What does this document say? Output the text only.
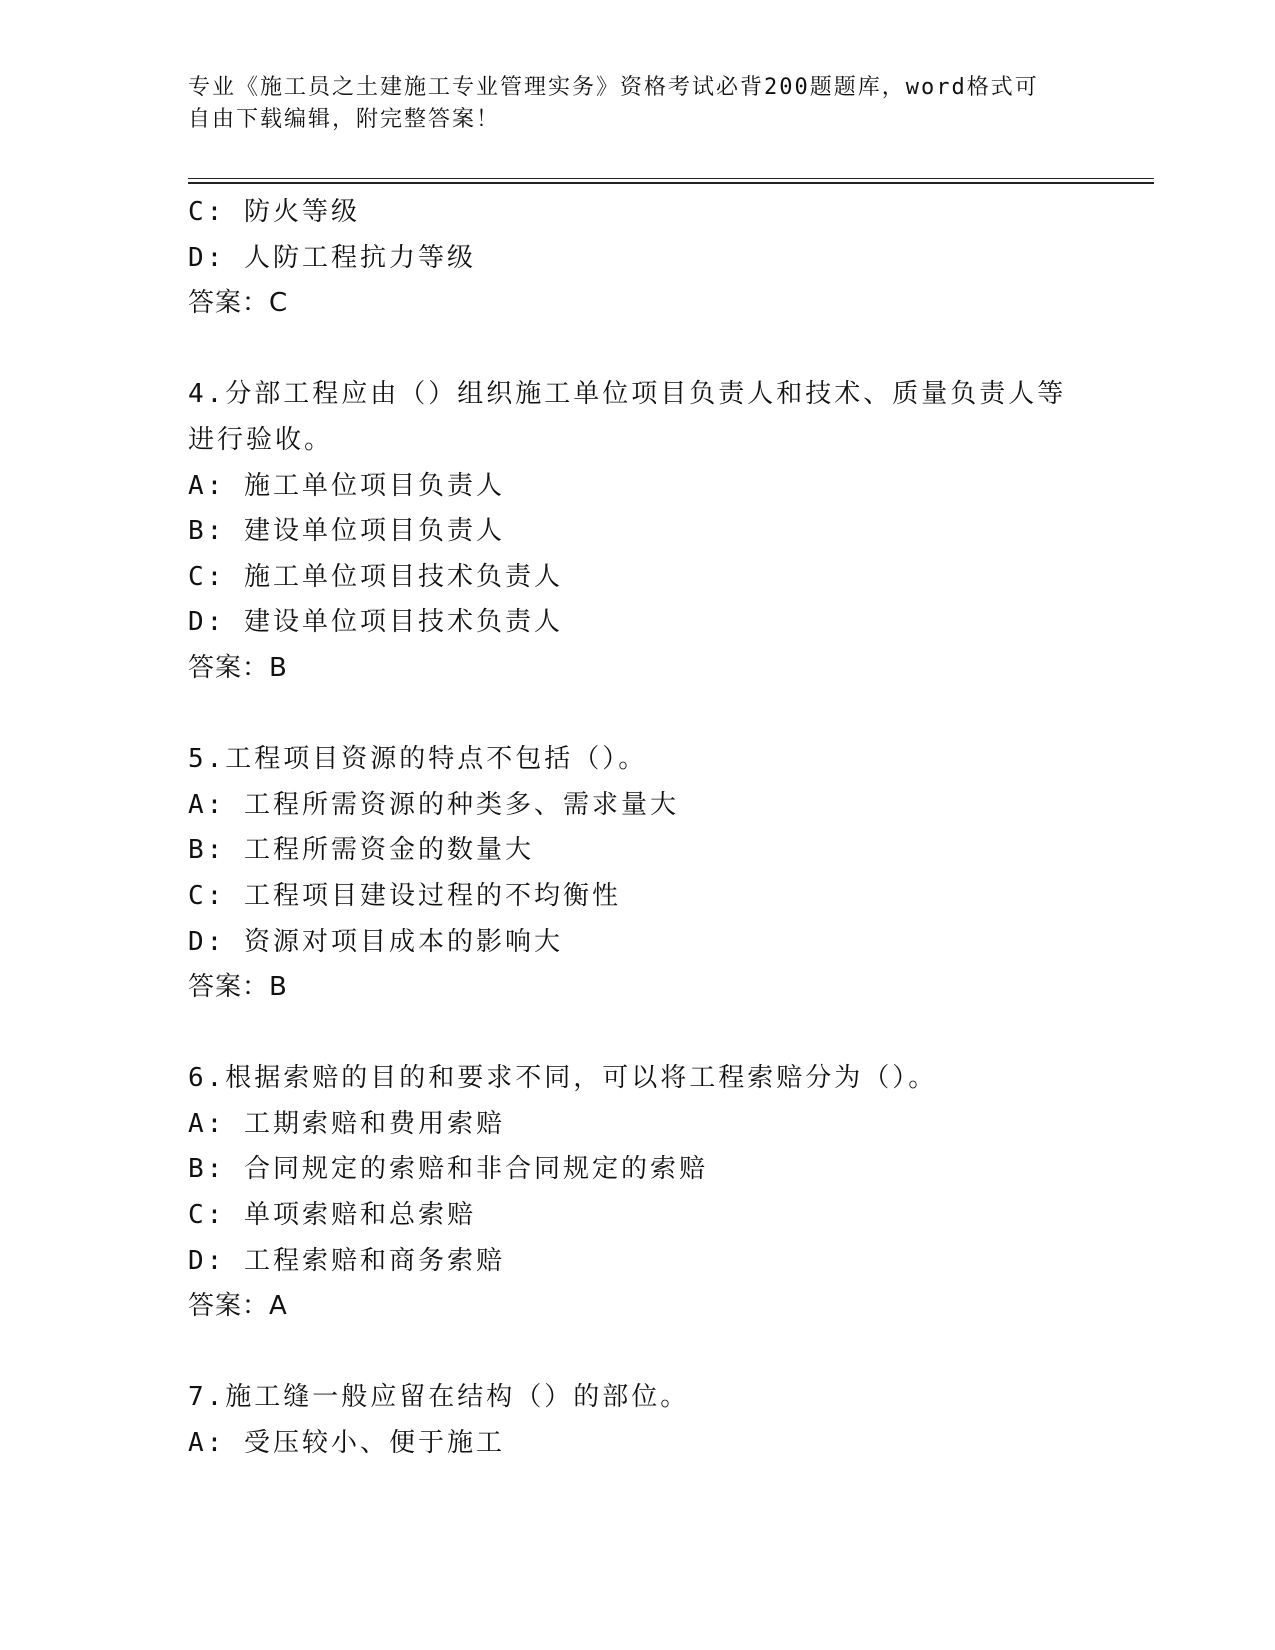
专业《施工员之土建施工专业管理实务》资格考试必背200题题库，word格式可
自由下载编辑，附完整答案！
C: 防火等级
D: 人防工程抗力等级
答案：C
4.分部工程应由（）组织施工单位项目负责人和技术、质量负责人等
进行验收。
A: 施工单位项目负责人
B: 建设单位项目负责人
C: 施工单位项目技术负责人
D: 建设单位项目技术负责人
答案：B
5.工程项目资源的特点不包括（）。
A: 工程所需资源的种类多、需求量大
B: 工程所需资金的数量大
C: 工程项目建设过程的不均衡性
D: 资源对项目成本的影响大
答案：B
6.根据索赔的目的和要求不同，可以将工程索赔分为（）。
A: 工期索赔和费用索赔
B: 合同规定的索赔和非合同规定的索赔
C: 单项索赔和总索赔
D: 工程索赔和商务索赔
答案：A
7.施工缝一般应留在结构（）的部位。
A: 受压较小、便于施工
